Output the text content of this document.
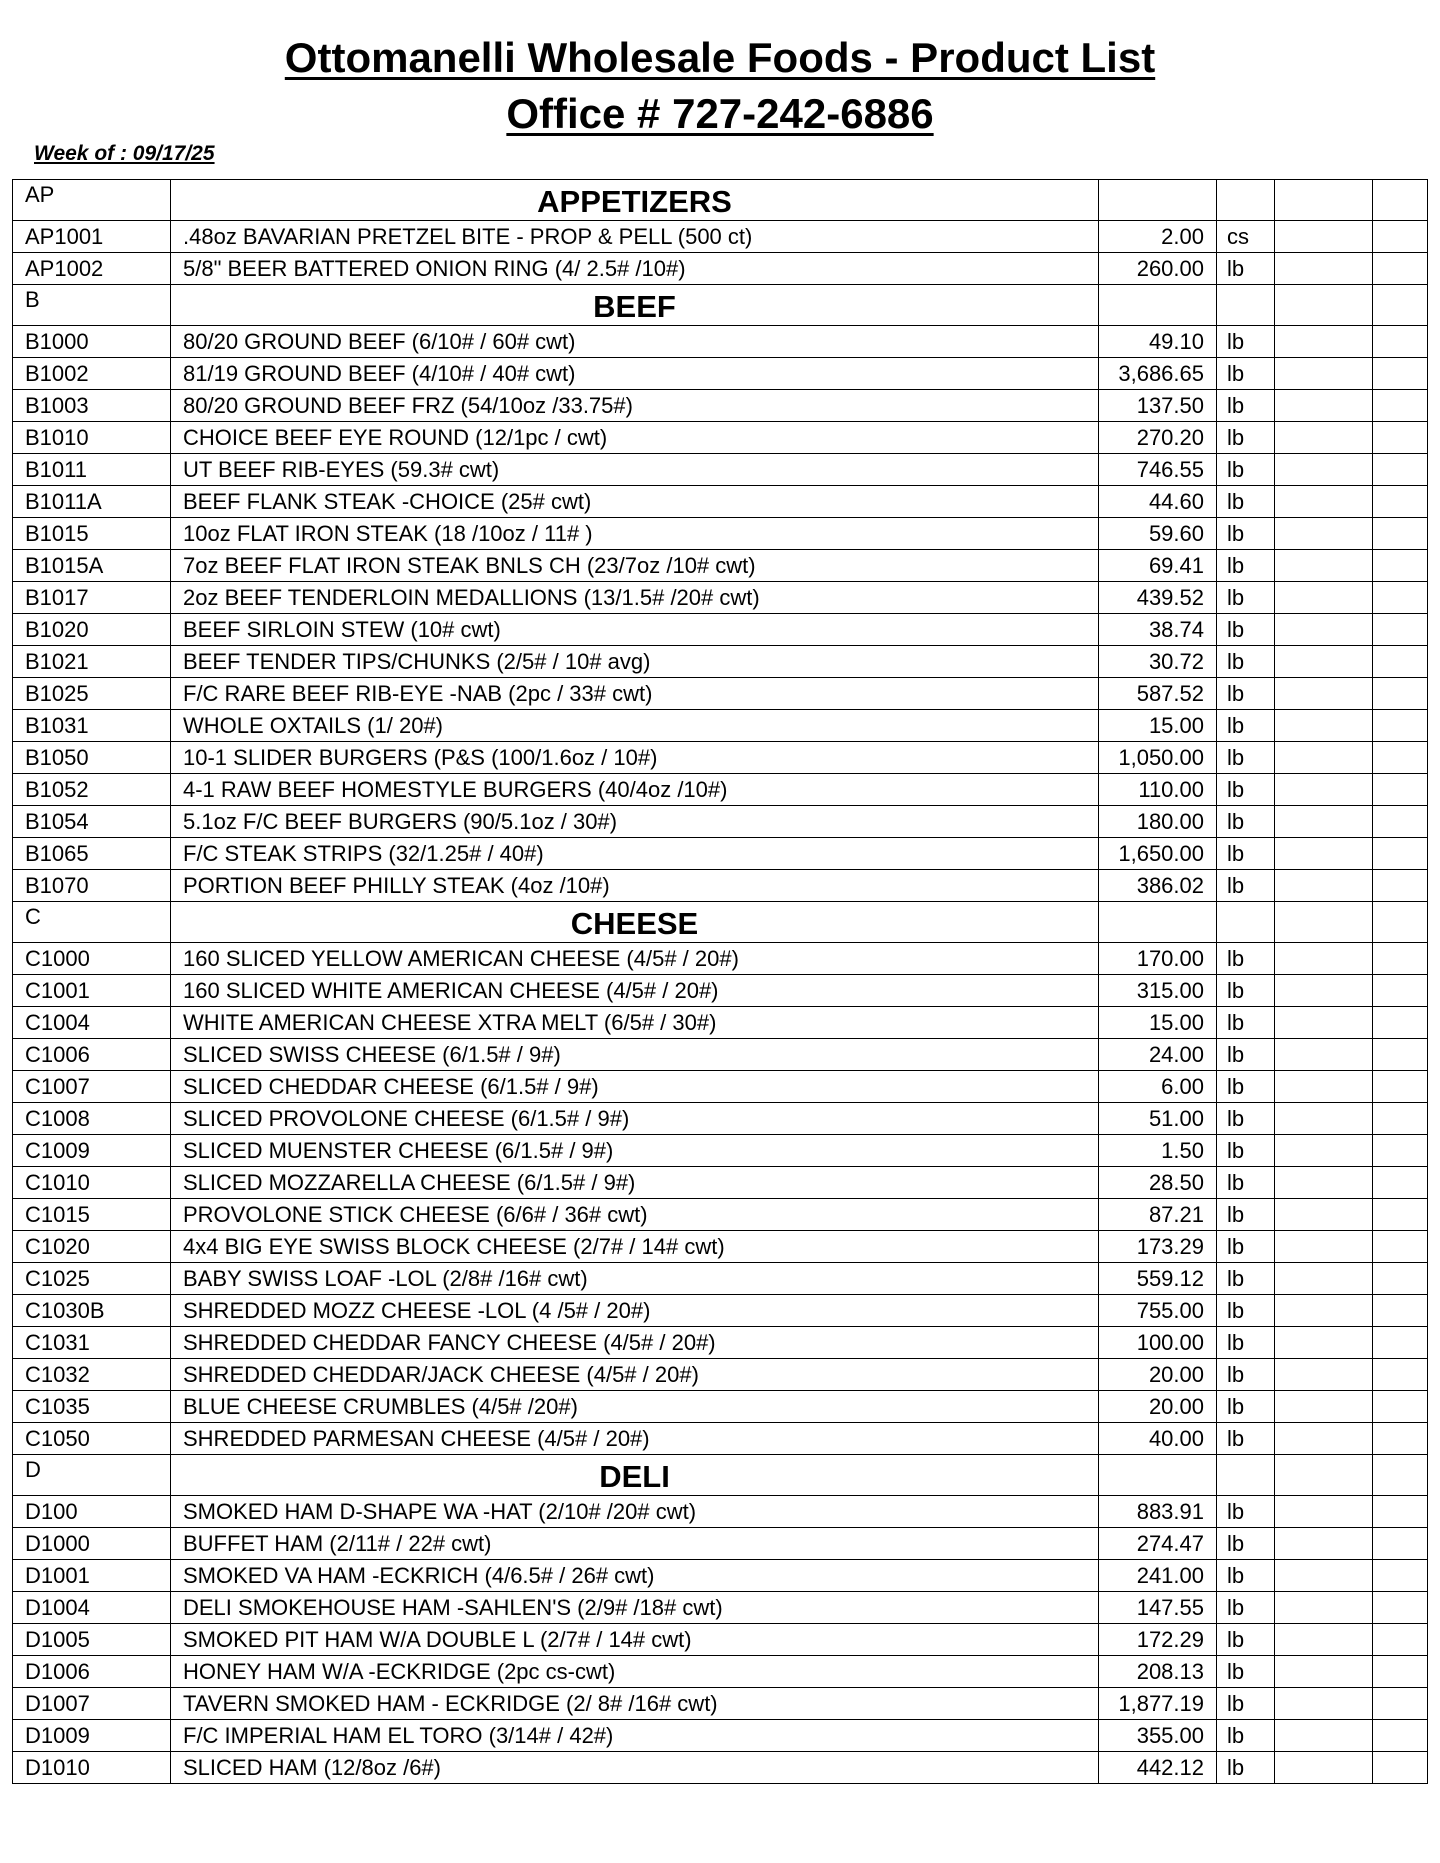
Ottomanelli Wholesale Foods - Product List
Office # 727-242-6886
Week of : 09/17/25
AP	APPETIZERS				
AP1001	.48oz BAVARIAN PRETZEL BITE - PROP & PELL (500 ct)	2.00	cs		
AP1002	5/8" BEER BATTERED ONION RING (4/ 2.5# /10#)	260.00	lb		
B	BEEF				
B1000	80/20 GROUND BEEF (6/10# / 60# cwt)	49.10	lb		
B1002	81/19 GROUND BEEF (4/10# / 40# cwt)	3,686.65	lb		
B1003	80/20 GROUND BEEF FRZ (54/10oz /33.75#)	137.50	lb		
B1010	CHOICE BEEF EYE ROUND (12/1pc / cwt)	270.20	lb		
B1011	UT BEEF RIB-EYES (59.3# cwt)	746.55	lb		
B1011A	BEEF FLANK STEAK -CHOICE (25# cwt)	44.60	lb		
B1015	10oz FLAT IRON STEAK (18 /10oz / 11# )	59.60	lb		
B1015A	7oz BEEF FLAT IRON STEAK BNLS CH (23/7oz /10# cwt)	69.41	lb		
B1017	2oz BEEF TENDERLOIN MEDALLIONS (13/1.5# /20# cwt)	439.52	lb		
B1020	BEEF SIRLOIN STEW (10# cwt)	38.74	lb		
B1021	BEEF TENDER TIPS/CHUNKS (2/5# / 10# avg)	30.72	lb		
B1025	F/C RARE BEEF RIB-EYE -NAB (2pc / 33# cwt)	587.52	lb		
B1031	WHOLE OXTAILS (1/ 20#)	15.00	lb		
B1050	10-1 SLIDER BURGERS (P&S (100/1.6oz / 10#)	1,050.00	lb		
B1052	4-1 RAW BEEF HOMESTYLE BURGERS (40/4oz /10#)	110.00	lb		
B1054	5.1oz F/C BEEF BURGERS (90/5.1oz / 30#)	180.00	lb		
B1065	F/C STEAK STRIPS (32/1.25# / 40#)	1,650.00	lb		
B1070	PORTION BEEF PHILLY STEAK (4oz /10#)	386.02	lb		
C	CHEESE				
C1000	160 SLICED YELLOW AMERICAN CHEESE (4/5# / 20#)	170.00	lb		
C1001	160 SLICED WHITE AMERICAN CHEESE (4/5# / 20#)	315.00	lb		
C1004	WHITE AMERICAN CHEESE XTRA MELT (6/5# / 30#)	15.00	lb		
C1006	SLICED SWISS CHEESE (6/1.5# / 9#)	24.00	lb		
C1007	SLICED CHEDDAR CHEESE (6/1.5# / 9#)	6.00	lb		
C1008	SLICED PROVOLONE CHEESE (6/1.5# / 9#)	51.00	lb		
C1009	SLICED MUENSTER CHEESE (6/1.5# / 9#)	1.50	lb		
C1010	SLICED MOZZARELLA CHEESE (6/1.5# / 9#)	28.50	lb		
C1015	PROVOLONE STICK CHEESE (6/6# / 36# cwt)	87.21	lb		
C1020	4x4 BIG EYE SWISS BLOCK CHEESE (2/7# / 14# cwt)	173.29	lb		
C1025	BABY SWISS LOAF -LOL (2/8# /16# cwt)	559.12	lb		
C1030B	SHREDDED MOZZ CHEESE -LOL (4 /5# / 20#)	755.00	lb		
C1031	SHREDDED CHEDDAR FANCY CHEESE (4/5# / 20#)	100.00	lb		
C1032	SHREDDED CHEDDAR/JACK CHEESE (4/5# / 20#)	20.00	lb		
C1035	BLUE CHEESE CRUMBLES (4/5# /20#)	20.00	lb		
C1050	SHREDDED PARMESAN CHEESE (4/5# / 20#)	40.00	lb		
D	DELI				
D100	SMOKED HAM D-SHAPE WA -HAT (2/10# /20# cwt)	883.91	lb		
D1000	BUFFET HAM (2/11# / 22# cwt)	274.47	lb		
D1001	SMOKED VA HAM -ECKRICH (4/6.5# / 26# cwt)	241.00	lb		
D1004	DELI SMOKEHOUSE HAM -SAHLEN'S (2/9# /18# cwt)	147.55	lb		
D1005	SMOKED PIT HAM W/A DOUBLE L (2/7# / 14# cwt)	172.29	lb		
D1006	HONEY HAM W/A -ECKRIDGE (2pc cs-cwt)	208.13	lb		
D1007	TAVERN SMOKED HAM - ECKRIDGE (2/ 8# /16# cwt)	1,877.19	lb		
D1009	F/C IMPERIAL HAM EL TORO (3/14# / 42#)	355.00	lb		
D1010	SLICED HAM (12/8oz /6#)	442.12	lb		
